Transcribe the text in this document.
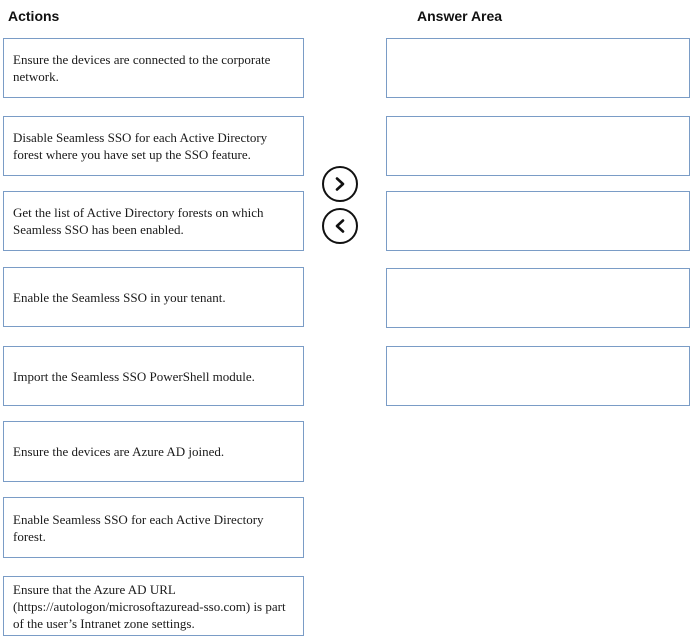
Actions	Answer Area
Ensure the devices are connected to the corporate network.
Disable Seamless SSO for each Active Directory forest where you have set up the SSO feature.
Get the list of Active Directory forests on which Seamless SSO has been enabled.
Enable the Seamless SSO in your tenant.
Import the Seamless SSO PowerShell module.
Ensure the devices are Azure AD joined.
Enable Seamless SSO for each Active Directory forest.
Ensure that the Azure AD URL (https://autologon/microsoftazuread-sso.com) is part of the user’s Intranet zone settings.
